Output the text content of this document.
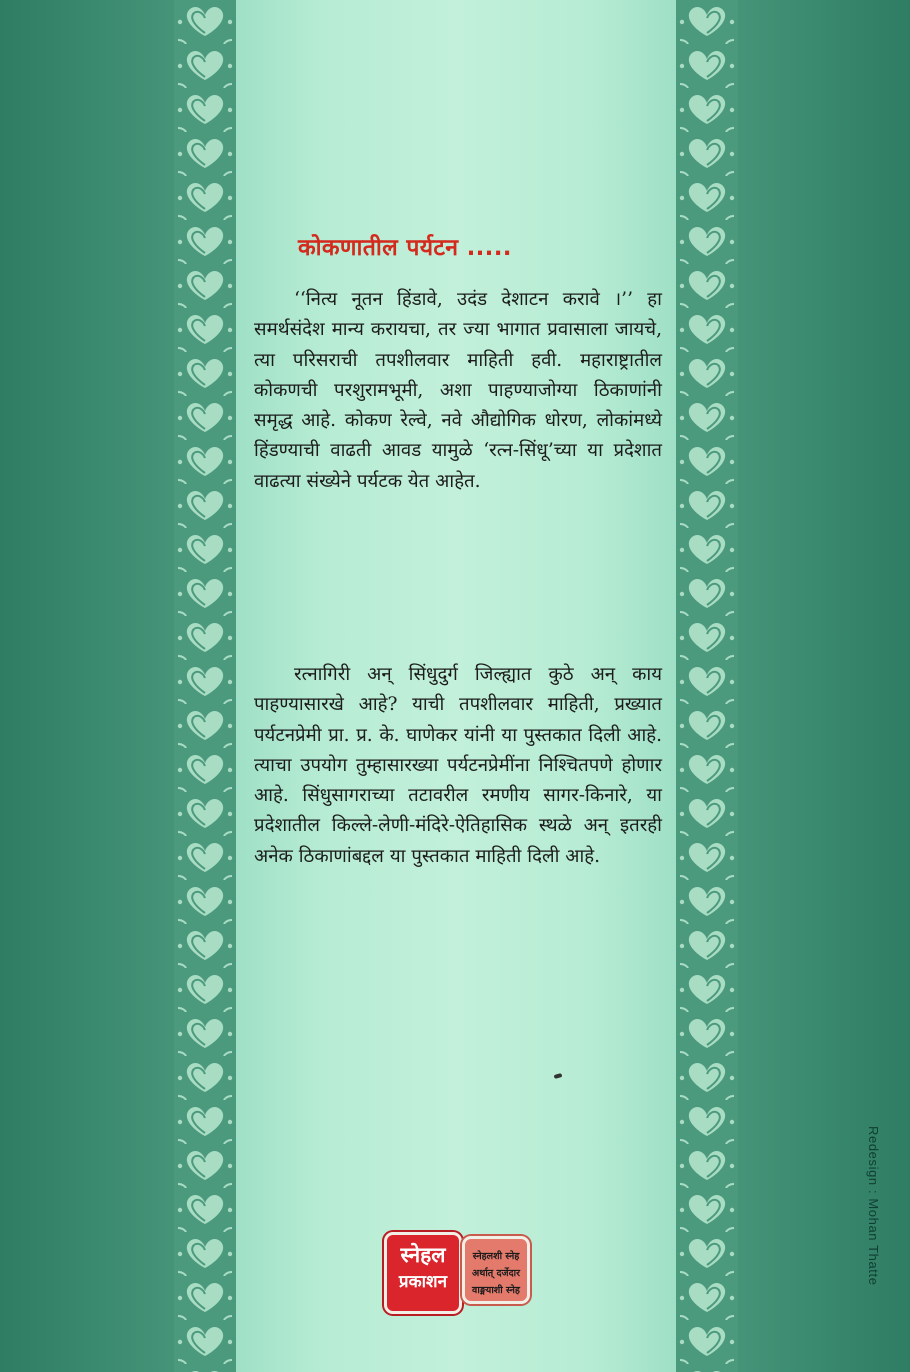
कोकणातील पर्यटन .....

‘‘नित्य नूतन हिंडावे, उदंड देशाटन करावे ।’’ हा समर्थसंदेश मान्य करायचा, तर ज्या भागात प्रवासाला जायचे, त्या परिसराची तपशीलवार माहिती हवी. महाराष्ट्रातील कोकणची परशुरामभूमी, अशा पाहण्याजोग्या ठिकाणांनी समृद्ध आहे. कोकण रेल्वे, नवे औद्योगिक धोरण, लोकांमध्ये हिंडण्याची वाढती आवड यामुळे ‘रत्न-सिंधू’च्या या प्रदेशात वाढत्या संख्येने पर्यटक येत आहेत.

रत्नागिरी अन् सिंधुदुर्ग जिल्ह्यात कुठे अन् काय पाहण्यासारखे आहे? याची तपशीलवार माहिती, प्रख्यात पर्यटनप्रेमी प्रा. प्र. के. घाणेकर यांनी या पुस्तकात दिली आहे. त्याचा उपयोग तुम्हासारख्या पर्यटनप्रेमींना निश्चितपणे होणार आहे. सिंधुसागराच्या तटावरील रमणीय सागर-किनारे, या प्रदेशातील किल्ले-लेणी-मंदिरे-ऐतिहासिक स्थळे अन् इतरही अनेक ठिकाणांबद्दल या पुस्तकात माहिती दिली आहे.

स्नेहल
प्रकाशन
स्नेहलशी स्नेह
अर्थात् दर्जेदार
वाङ्मयाशी स्नेह
Redesign : Mohan Thatte
